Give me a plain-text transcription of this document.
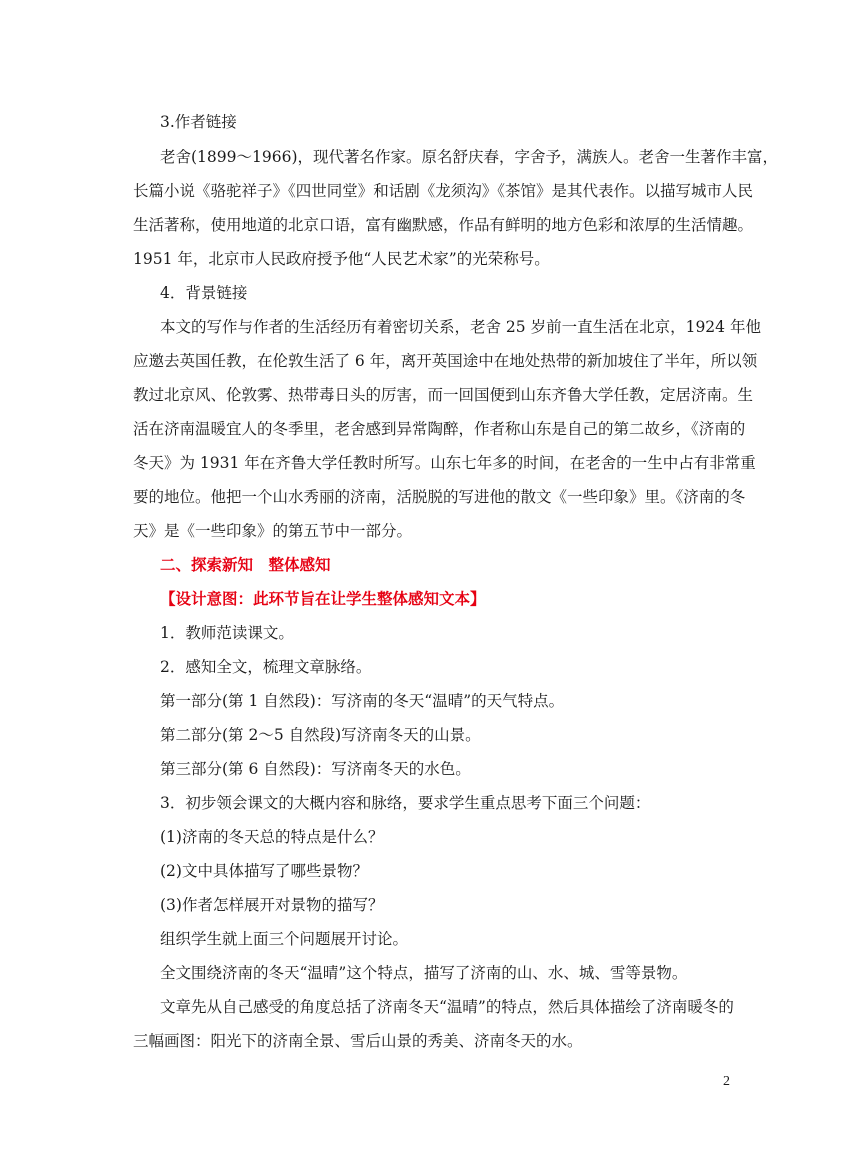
3.作者链接

老舍(1899～1966)，现代著名作家。原名舒庆春，字舍予，满族人。老舍一生著作丰富，

长篇小说《骆驼祥子》《四世同堂》和话剧《龙须沟》《茶馆》是其代表作。以描写城市人民

生活著称，使用地道的北京口语，富有幽默感，作品有鲜明的地方色彩和浓厚的生活情趣。

1951 年，北京市人民政府授予他“人民艺术家”的光荣称号。

4．背景链接

本文的写作与作者的生活经历有着密切关系，老舍 25 岁前一直生活在北京，1924 年他

应邀去英国任教，在伦敦生活了 6 年，离开英国途中在地处热带的新加坡住了半年，所以领

教过北京风、伦敦雾、热带毒日头的厉害，而一回国便到山东齐鲁大学任教，定居济南。生

活在济南温暖宜人的冬季里，老舍感到异常陶醉，作者称山东是自己的第二故乡，《济南的

冬天》为 1931 年在齐鲁大学任教时所写。山东七年多的时间，在老舍的一生中占有非常重

要的地位。他把一个山水秀丽的济南，活脱脱的写进他的散文《一些印象》里。《济南的冬

天》是《一些印象》的第五节中一部分。

二、探索新知　整体感知

【设计意图：此环节旨在让学生整体感知文本】

1．教师范读课文。

2．感知全文，梳理文章脉络。

第一部分(第 1 自然段)：写济南的冬天“温晴”的天气特点。

第二部分(第 2～5 自然段)写济南冬天的山景。

第三部分(第 6 自然段)：写济南冬天的水色。

3．初步领会课文的大概内容和脉络，要求学生重点思考下面三个问题：

(1)济南的冬天总的特点是什么？

(2)文中具体描写了哪些景物？

(3)作者怎样展开对景物的描写？

组织学生就上面三个问题展开讨论。

全文围绕济南的冬天“温晴”这个特点，描写了济南的山、水、城、雪等景物。

文章先从自己感受的角度总括了济南冬天“温晴”的特点，然后具体描绘了济南暖冬的

三幅画图：阳光下的济南全景、雪后山景的秀美、济南冬天的水。

2
